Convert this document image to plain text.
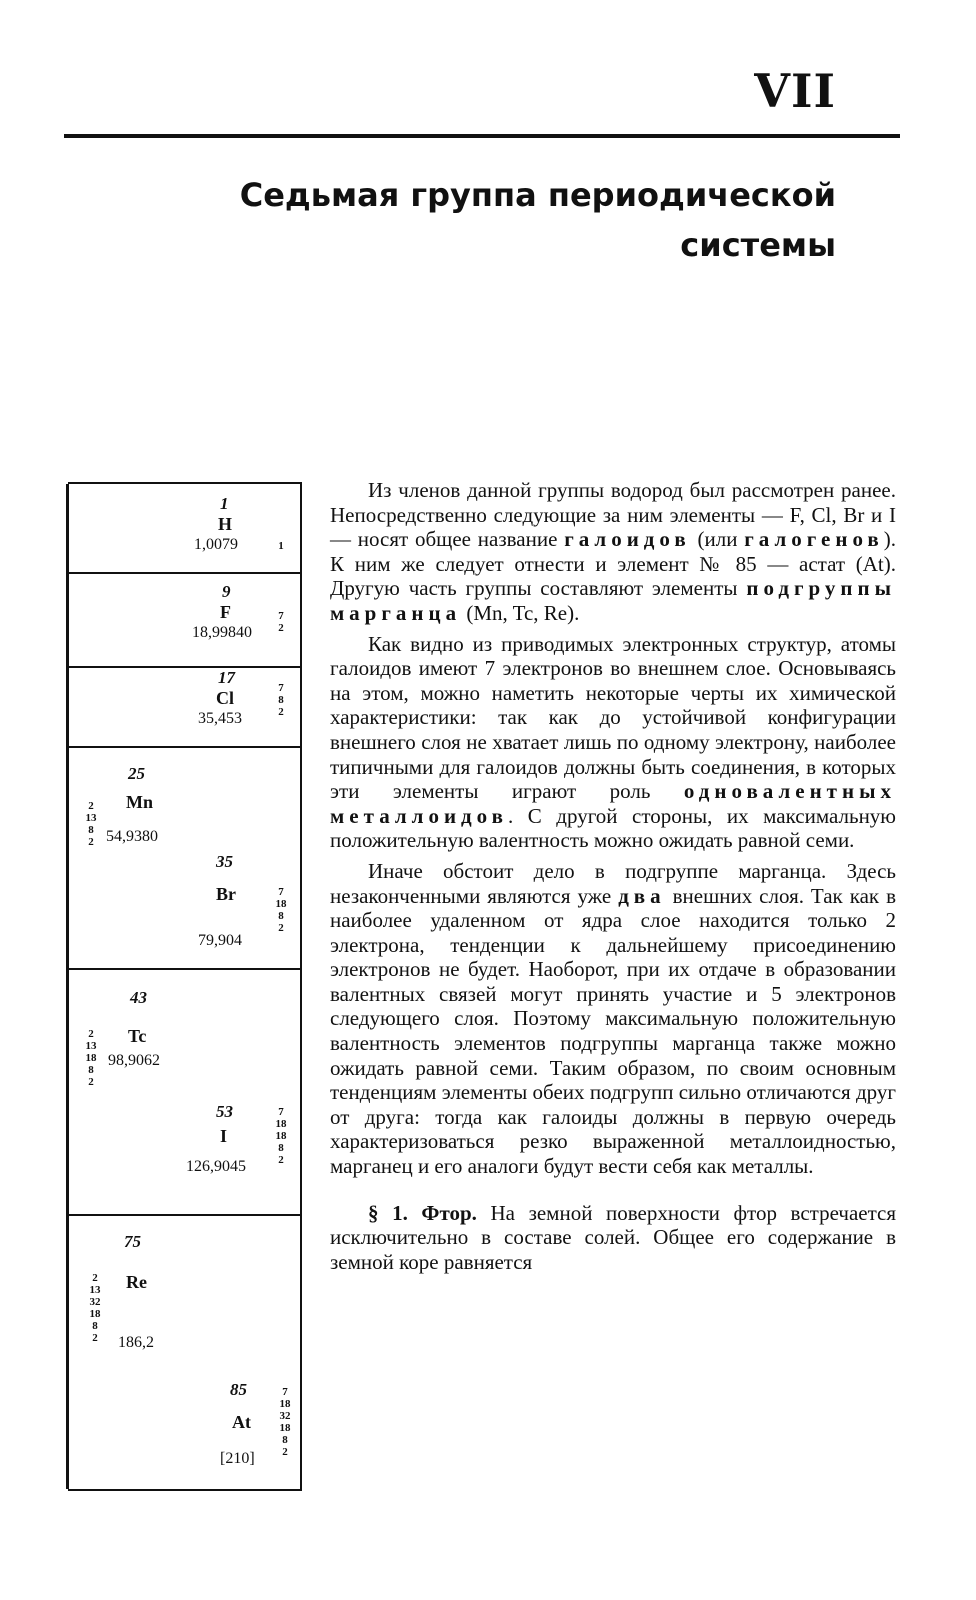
VII
Седьмая группа периодической
системы
1
H
1,0079	1
9
F
18,99840
7
2
17
Cl
35,453
7
8
2
25
Mn
54,9380
2
13
8
2
35
Br
79,904
7
18
8
2
43
Tc
98,9062
2
13
18
8
2
53
I
126,9045
7
18
18
8
2
75
Re
186,2
2
13
32
18
8
2
85
At
[210]
7
18
32
18
8
2

Из членов данной группы водород был рассмотрен ранее. Непосредственно следующие за ним элементы — F, Cl, Br и I — носят общее название галоидов (или галогенов). К ним же следует отнести и элемент № 85 — астат (At). Другую часть группы составляют элементы подгруппы марганца (Mn, Tc, Re).

Как видно из приводимых электронных структур, атомы галоидов имеют 7 электронов во внешнем слое. Основываясь на этом, можно наметить некоторые черты их химической характеристики: так как до устойчивой конфигурации внешнего слоя не хватает лишь по одному электрону, наиболее типичными для галоидов должны быть соединения, в которых эти элементы играют роль одновалентных металлоидов. С другой стороны, их максимальную положительную валентность можно ожидать равной семи.

Иначе обстоит дело в подгруппе марганца. Здесь незаконченными являются уже два внешних слоя. Так как в наиболее удаленном от ядра слое находится только 2 электрона, тенденции к дальнейшему присоединению электронов не будет. Наоборот, при их отдаче в образовании валентных связей могут принять участие и 5 электронов следующего слоя. Поэтому максимальную положительную валентность элементов подгруппы марганца также можно ожидать равной семи. Таким образом, по своим основным тенденциям элементы обеих подгрупп сильно отличаются друг от друга: тогда как галоиды должны в первую очередь характеризоваться резко выраженной металлоидностью, марганец и его аналоги будут вести себя как металлы.

§ 1. Фтор. На земной поверхности фтор встречается исключительно в составе солей. Общее его содержание в земной коре равняется
